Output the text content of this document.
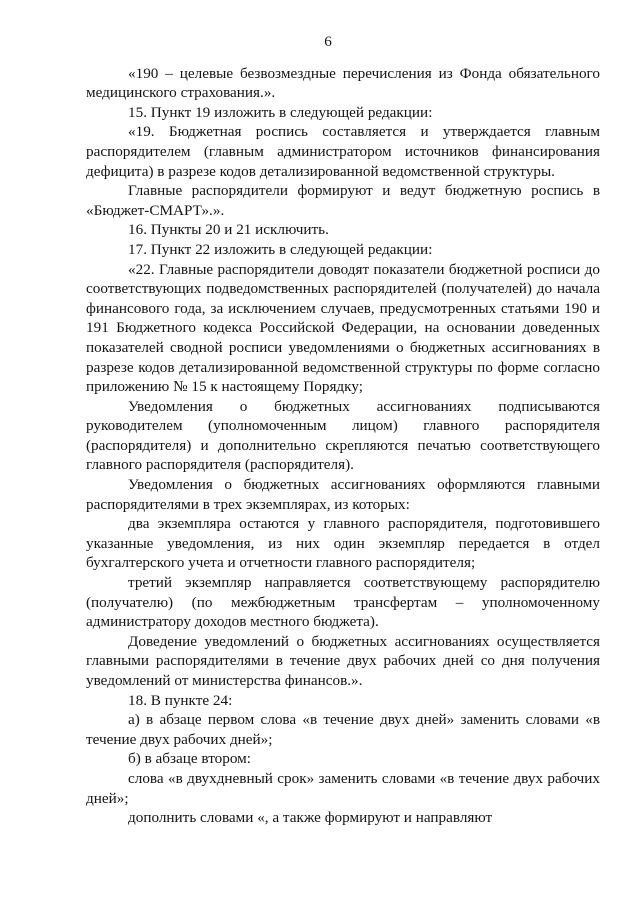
6

«190 – целевые безвозмездные перечисления из Фонда обязательного медицинского страхования.».

15. Пункт 19 изложить в следующей редакции:

«19. Бюджетная роспись составляется и утверждается главным распорядителем (главным администратором источников финансирования дефицита) в разрезе кодов детализированной ведомственной структуры.

Главные распорядители формируют и ведут бюджетную роспись в «Бюджет-СМАРТ».».

16. Пункты 20 и 21 исключить.

17. Пункт 22 изложить в следующей редакции:

«22. Главные распорядители доводят показатели бюджетной росписи до соответствующих подведомственных распорядителей (получателей) до начала финансового года, за исключением случаев, предусмотренных статьями 190 и 191 Бюджетного кодекса Российской Федерации, на основании доведенных показателей сводной росписи уведомлениями о бюджетных ассигнованиях в разрезе кодов детализированной ведомственной структуры по форме согласно приложению № 15 к настоящему Порядку;

Уведомления о бюджетных ассигнованиях подписываются руководителем (уполномоченным лицом) главного распорядителя (распорядителя) и дополнительно скрепляются печатью соответствующего главного распорядителя (распорядителя).

Уведомления о бюджетных ассигнованиях оформляются главными распорядителями в трех экземплярах, из которых:

два экземпляра остаются у главного распорядителя, подготовившего указанные уведомления, из них один экземпляр передается в отдел бухгалтерского учета и отчетности главного распорядителя;

третий экземпляр направляется соответствующему распорядителю (получателю) (по межбюджетным трансфертам – уполномоченному администратору доходов местного бюджета).

Доведение уведомлений о бюджетных ассигнованиях осуществляется главными распорядителями в течение двух рабочих дней со дня получения уведомлений от министерства финансов.».

18. В пункте 24:

а) в абзаце первом слова «в течение двух дней» заменить словами «в течение двух рабочих дней»;

б) в абзаце втором:

слова «в двухдневный срок» заменить словами «в течение двух рабочих дней»;

дополнить словами «, а также формируют и направляют
